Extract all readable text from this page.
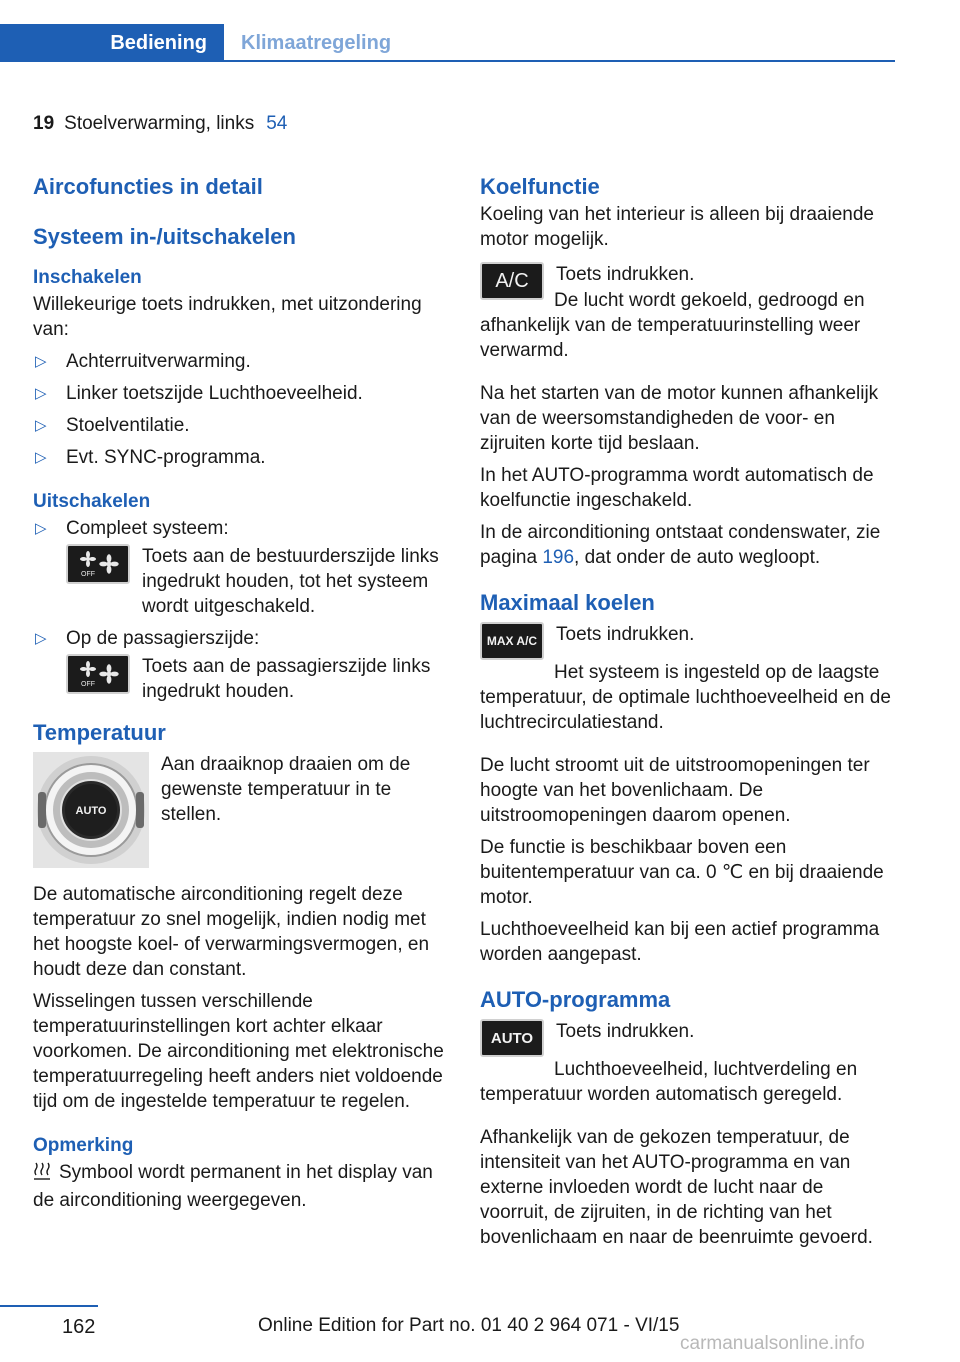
Bediening	Klimaatregeling
19 Stoelverwarming, links 54
Aircofuncties in detail
Systeem in-/uitschakelen
Inschakelen

Willekeurige toets indrukken, met uitzondering van:

▷ Achterruitverwarming.
▷ Linker toetszijde Luchthoeveelheid.
▷ Stoelventilatie.
▷ Evt. SYNC-programma.
Uitschakelen
▷ Compleet systeem:
OFF
Toets aan de bestuurderszijde links ingedrukt houden, tot het systeem wordt uitgeschakeld.
▷ Op de passagierszijde:
OFF
Toets aan de passagierszijde links ingedrukt houden.
Temperatuur
AUTO
Aan draaiknop draaien om de gewenste temperatuur in te stellen.

De automatische airconditioning regelt deze temperatuur zo snel mogelijk, indien nodig met het hoogste koel- of verwarmingsvermogen, en houdt deze dan constant.

Wisselingen tussen verschillende temperatuurinstellingen kort achter elkaar voorkomen. De airconditioning met elektronische temperatuurregeling heeft anders niet voldoende tijd om de ingestelde temperatuur te regelen.

Opmerking

Symbool wordt permanent in het display van de airconditioning weergegeven.

Koelfunctie

Koeling van het interieur is alleen bij draaiende motor mogelijk.

A/C	Toets indrukken.

De lucht wordt gekoeld, gedroogd en afhankelijk van de temperatuurinstelling weer verwarmd.

Na het starten van de motor kunnen afhankelijk van de weersomstandigheden de voor- en zijruiten korte tijd beslaan.

In het AUTO-programma wordt automatisch de koelfunctie ingeschakeld.

In de airconditioning ontstaat condenswater, zie pagina 196, dat onder de auto wegloopt.

Maximaal koelen
MAX A/C Toets indrukken.

Het systeem is ingesteld op de laagste temperatuur, de optimale luchthoeveelheid en de luchtrecirculatiestand.

De lucht stroomt uit de uitstroomopeningen ter hoogte van het bovenlichaam. De uitstroomopeningen daarom openen.

De functie is beschikbaar boven een buitentemperatuur van ca. 0 ℃ en bij draaiende motor.

Luchthoeveelheid kan bij een actief programma worden aangepast.

AUTO-programma
AUTO	Toets indrukken.

Luchthoeveelheid, luchtverdeling en temperatuur worden automatisch geregeld.

Afhankelijk van de gekozen temperatuur, de intensiteit van het AUTO-programma en van externe invloeden wordt de lucht naar de voorruit, de zijruiten, in de richting van het bovenlichaam en naar de beenruimte gevoerd.

162	Online Edition for Part no. 01 40 2 964 071 - VI/15
carmanualsonline.info
